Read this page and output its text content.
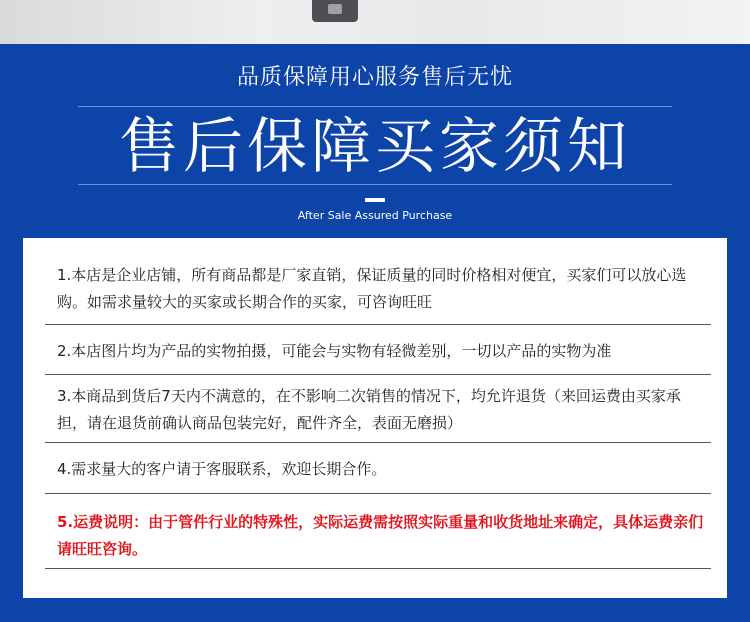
品质保障用心服务售后无忧
售后保障买家须知
After Sale Assured Purchase
1.本店是企业店铺，所有商品都是厂家直销，保证质量的同时价格相对便宜，买家们可以放心选购。如需求量较大的买家或长期合作的买家，可咨询旺旺
2.本店图片均为产品的实物拍摄，可能会与实物有轻微差别，一切以产品的实物为准
3.本商品到货后7天内不满意的，在不影响二次销售的情况下，均允许退货（来回运费由买家承担，请在退货前确认商品包装完好，配件齐全，表面无磨损）
4.需求量大的客户请于客服联系，欢迎长期合作。
5.运费说明：由于管件行业的特殊性，实际运费需按照实际重量和收货地址来确定，具体运费亲们请旺旺咨询。
